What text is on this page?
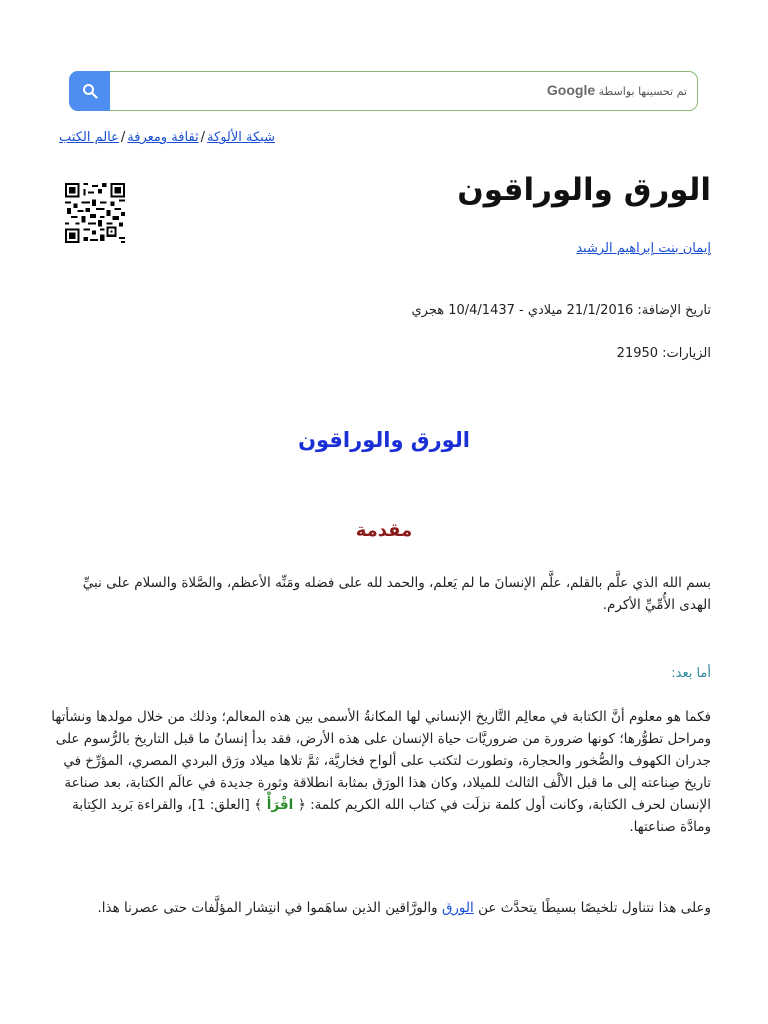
تم تحسينها بواسطة Google
شبكة الألوكة/ثقافة ومعرفة/عالم الكتب
الورق والوراقون
إيمان بنت إبراهيم الرشيد
تاريخ الإضافة: 21/1/2016 ميلادي - 10/4/1437 هجري
الزيارات: 21950
الورق والوراقون
مقدمة
بسم الله الذي علَّم بالقلم، علَّم الإنسانَ ما لم يَعلم، والحمد لله على فضله ومَنِّه الأعظم، والصَّلاة والسلام على نبيِّ الهدى الأُمِّيِّ الأكرم.
أما بعد:
فكما هو معلوم أنَّ الكتابة في معالِم التَّاريخ الإنساني لها المكانةُ الأسمى بين هذه المعالم؛ وذلك من خلال مولدها ونشأتها ومراحل تطوُّرها؛ كونها ضرورة من ضروريَّات حياة الإنسان على هذه الأرض، فقد بدأ إنسانُ ما قبل التاريخ بالرُّسوم على جدران الكهوف والصُّخور والحجارة، وتطورت لتكتب على ألواح فخاريَّة، ثمَّ تلاها ميلاد ورَق البردي المصري، المؤرِّخ في تاريخ صِناعته إلى ما قبل الألْف الثالث للميلاد، وكان هذا الورَق بمثابة انطلاقة وثورة جديدة في عالَم الكتابة، بعد صناعة الإنسان لحرف الكتابة، وكانت أول كلمة نزلَت في كتاب الله الكريم كلمة: ﴿ اقْرَأْ ﴾ [العلق: 1]، والقراءة بَريد الكِتابة ومادَّة صناعتها.
وعلى هذا نتناول تلخيصًا بسيطًا يتحدَّث عن الورق والورَّاقين الذين ساهَموا في انتِشار المؤلَّفات حتى عصرنا هذا.
